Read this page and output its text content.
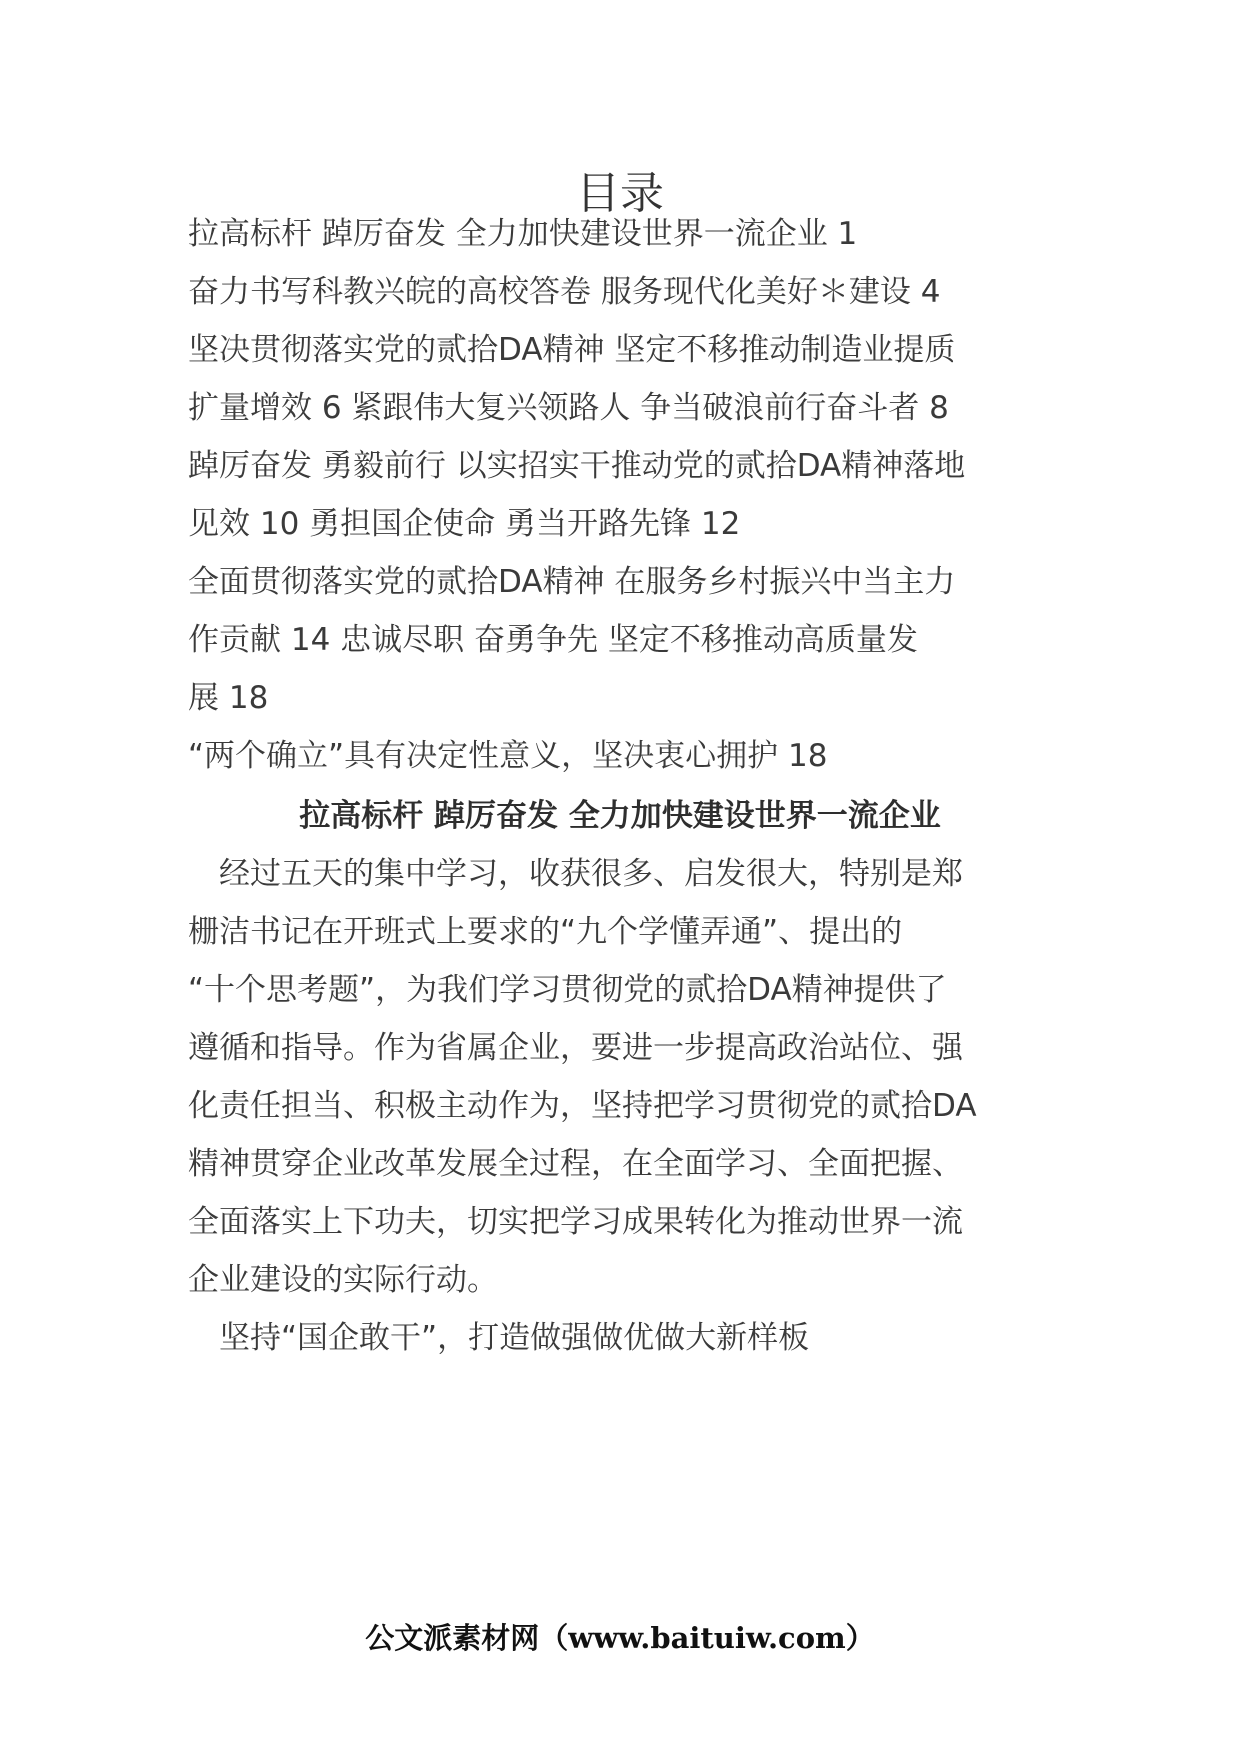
目录
拉高标杆 踔厉奋发 全力加快建设世界一流企业 1
奋力书写科教兴皖的高校答卷 服务现代化美好＊建设 4
坚决贯彻落实党的贰拾DA精神 坚定不移推动制造业提质
扩量增效 6 紧跟伟大复兴领路人 争当破浪前行奋斗者 8
踔厉奋发 勇毅前行 以实招实干推动党的贰拾DA精神落地
见效 10 勇担国企使命 勇当开路先锋 12
全面贯彻落实党的贰拾DA精神 在服务乡村振兴中当主力
作贡献 14 忠诚尽职 奋勇争先 坚定不移推动高质量发
展 18
“两个确立”具有决定性意义，坚决衷心拥护 18
拉高标杆 踔厉奋发 全力加快建设世界一流企业
　经过五天的集中学习，收获很多、启发很大，特别是郑
栅洁书记在开班式上要求的“九个学懂弄通”、提出的
“十个思考题”，为我们学习贯彻党的贰拾DA精神提供了
遵循和指导。作为省属企业，要进一步提高政治站位、强
化责任担当、积极主动作为，坚持把学习贯彻党的贰拾DA
精神贯穿企业改革发展全过程，在全面学习、全面把握、
全面落实上下功夫，切实把学习成果转化为推动世界一流
企业建设的实际行动。
　坚持“国企敢干”，打造做强做优做大新样板
公文派素材网（www.baituiw.com）
